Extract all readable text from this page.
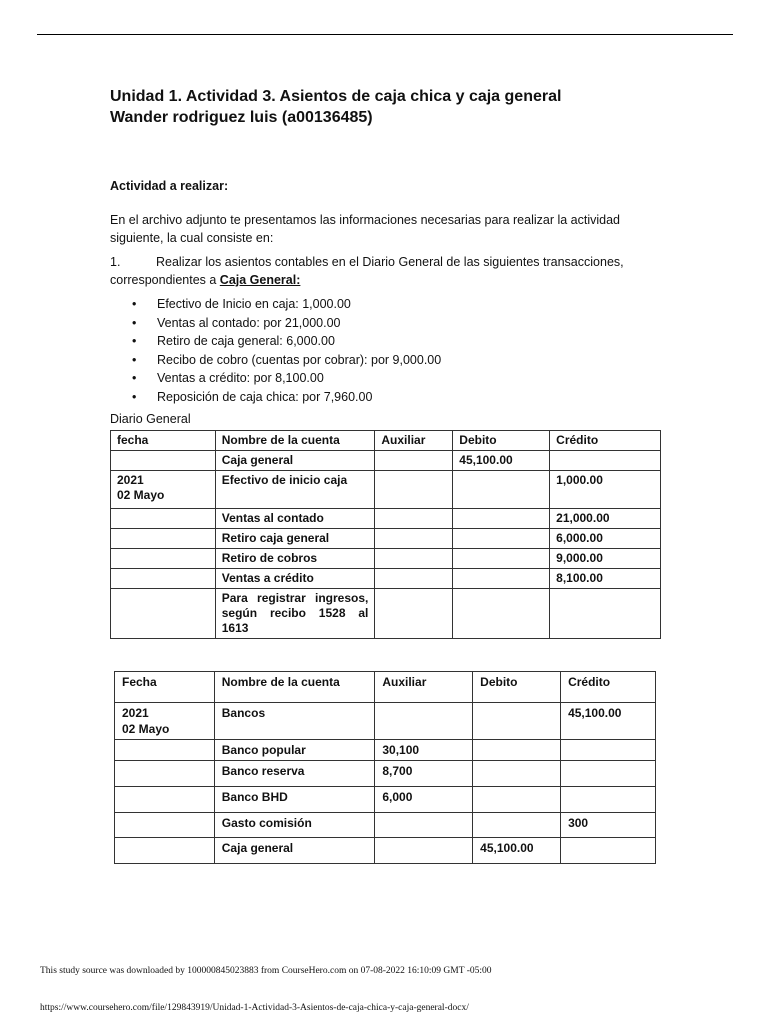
Unidad 1. Actividad 3. Asientos de caja chica y caja general
Wander rodriguez luis (a00136485)

Actividad a realizar:

En el archivo adjunto te presentamos las informaciones necesarias para realizar la actividad siguiente, la cual consiste en:

1.	Realizar los asientos contables en el Diario General de las siguientes transacciones, correspondientes a Caja General:

• Efectivo de Inicio en caja: 1,000.00
• Ventas al contado: por 21,000.00
• Retiro de caja general: 6,000.00
• Recibo de cobro (cuentas por cobrar): por 9,000.00
• Ventas a crédito: por 8,100.00
• Reposición de caja chica: por 7,960.00

Diario General

fecha	Nombre de la cuenta	Auxiliar	Debito	Crédito
	Caja general		45,100.00	
2021
02 Mayo	Efectivo de inicio caja			1,000.00
	Ventas al contado			21,000.00
	Retiro caja general			6,000.00
	Retiro de cobros			9,000.00
	Ventas a crédito			8,100.00
	Para registrar ingresos, según recibo 1528 al 1613			
Fecha	Nombre de la cuenta	Auxiliar	Debito	Crédito
2021
02 Mayo	Bancos			45,100.00
	Banco popular	30,100		
	Banco reserva	8,700		
	Banco BHD	6,000		
	Gasto comisión			300
	Caja general		45,100.00	
This study source was downloaded by 100000845023883 from CourseHero.com on 07-08-2022 16:10:09 GMT -05:00
https://www.coursehero.com/file/129843919/Unidad-1-Actividad-3-Asientos-de-caja-chica-y-caja-general-docx/
